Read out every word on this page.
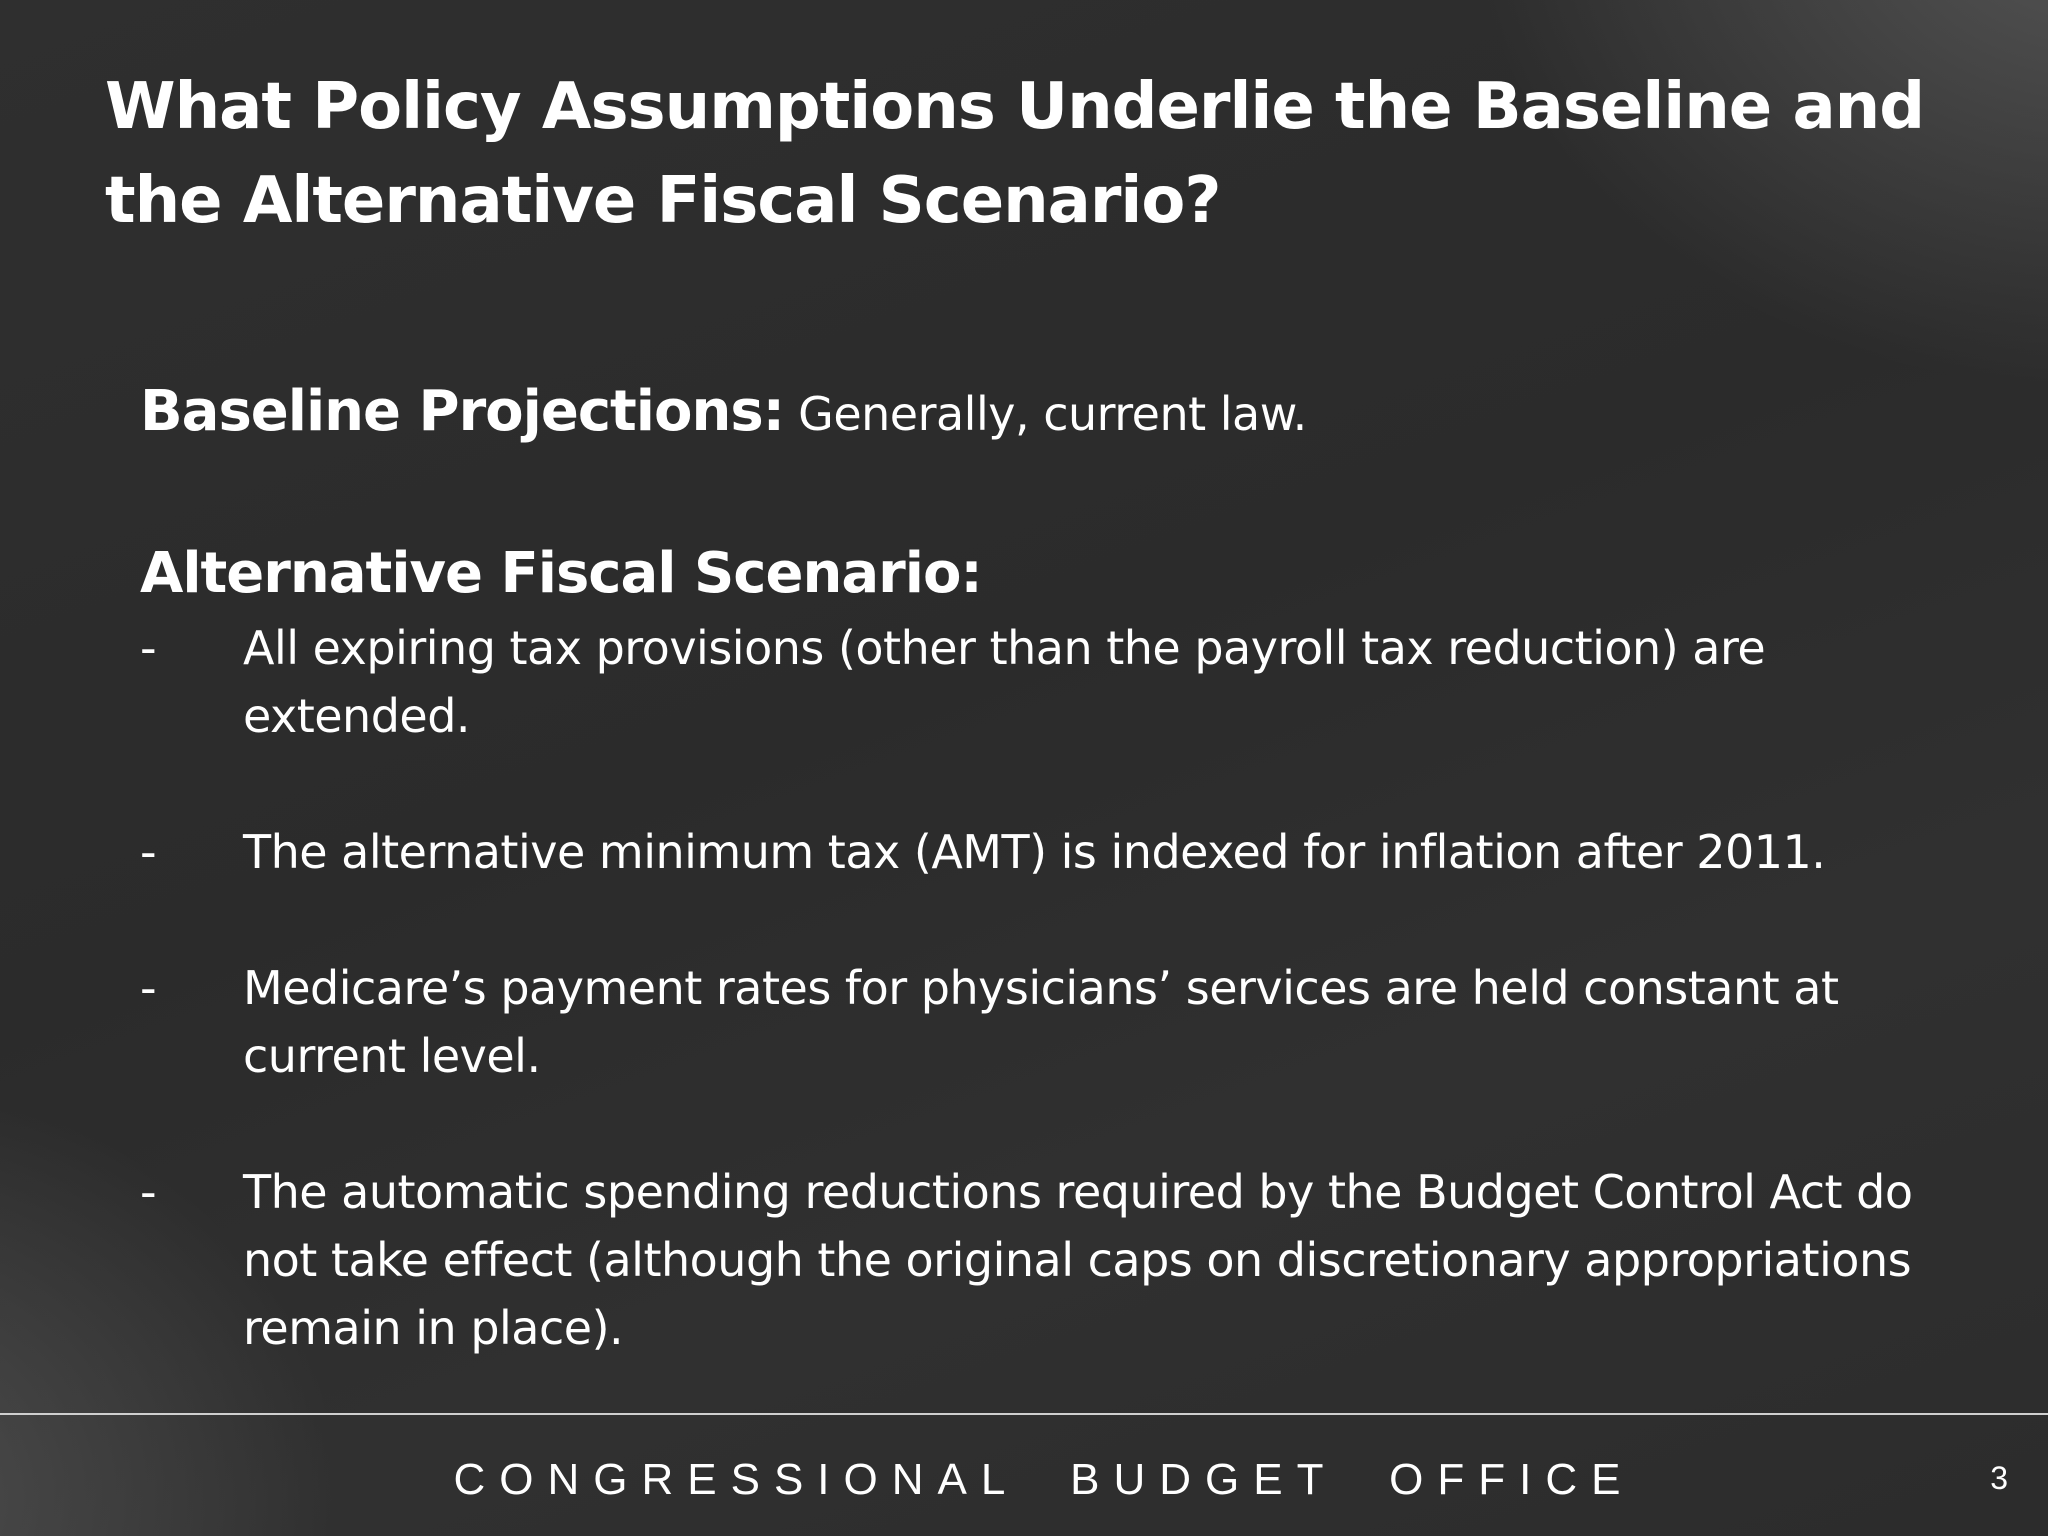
What Policy Assumptions Underlie the Baseline and the Alternative Fiscal Scenario?
Baseline Projections: Generally, current law.
Alternative Fiscal Scenario:
- All expiring tax provisions (other than the payroll tax reduction) are extended.
- The alternative minimum tax (AMT) is indexed for inflation after 2011.
- Medicare’s payment rates for physicians’ services are held constant at current level.
- The automatic spending reductions required by the Budget Control Act do not take effect (although the original caps on discretionary appropriations remain in place).
CONGRESSIONAL  BUDGET  OFFICE	3
